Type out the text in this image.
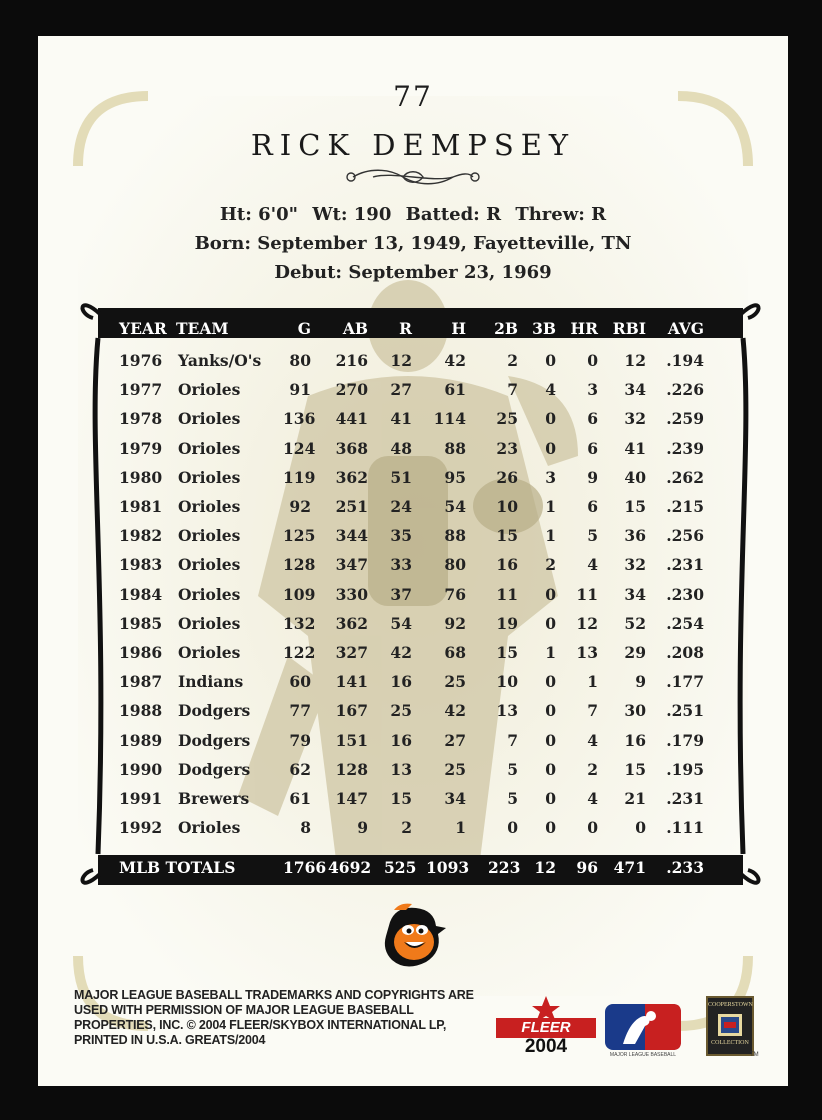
77
RICK DEMPSEY
Ht: 6'0" Wt: 190 Batted: R Threw: R
Born: September 13, 1949, Fayetteville, TN
Debut: September 23, 1969
YEAR TEAM	G	AB	R	H	2B 3B HR RBI	AVG
1976 Yanks/O's	80	216	12	42	2	0	0	12	.194
1977 Orioles	91	270	27	61	7	4	3	34	.226
1978 Orioles	136	441	41	114	25	0	6	32	.259
1979 Orioles	124	368	48	88	23	0	6	41	.239
1980 Orioles	119	362	51	95	26	3	9	40	.262
1981 Orioles	92	251	24	54	10	1	6	15	.215
1982 Orioles	125	344	35	88	15	1	5	36	.256
1983 Orioles	128	347	33	80	16	2	4	32	.231
1984 Orioles	109	330	37	76	11	0	11	34	.230
1985 Orioles	132	362	54	92	19	0	12	52	.254
1986 Orioles	122	327	42	68	15	1	13	29	.208
1987 Indians	60	141	16	25	10	0	1	9	.177
1988 Dodgers	77	167	25	42	13	0	7	30	.251
1989 Dodgers	79	151	16	27	7	0	4	16	.179
1990 Dodgers	62	128	13	25	5	0	2	15	.195
1991 Brewers	61	147	15	34	5	0	4	21	.231
1992 Orioles	8	9	2	1	0	0	0	0	.111
MLB TOTALS	1766 4692 525 1093 223 12	96	471	.233
MAJOR LEAGUE BASEBALL TRADEMARKS AND COPYRIGHTS ARE
USED WITH PERMISSION OF MAJOR LEAGUE BASEBALL
PROPERTIES, INC. © 2004 FLEER/SKYBOX INTERNATIONAL LP,
PRINTED IN U.S.A. GREATS/2004
FLEER
2004	MAJOR LEAGUE BASEBALL
COOPERSTOWN
COLLECTION
TM
